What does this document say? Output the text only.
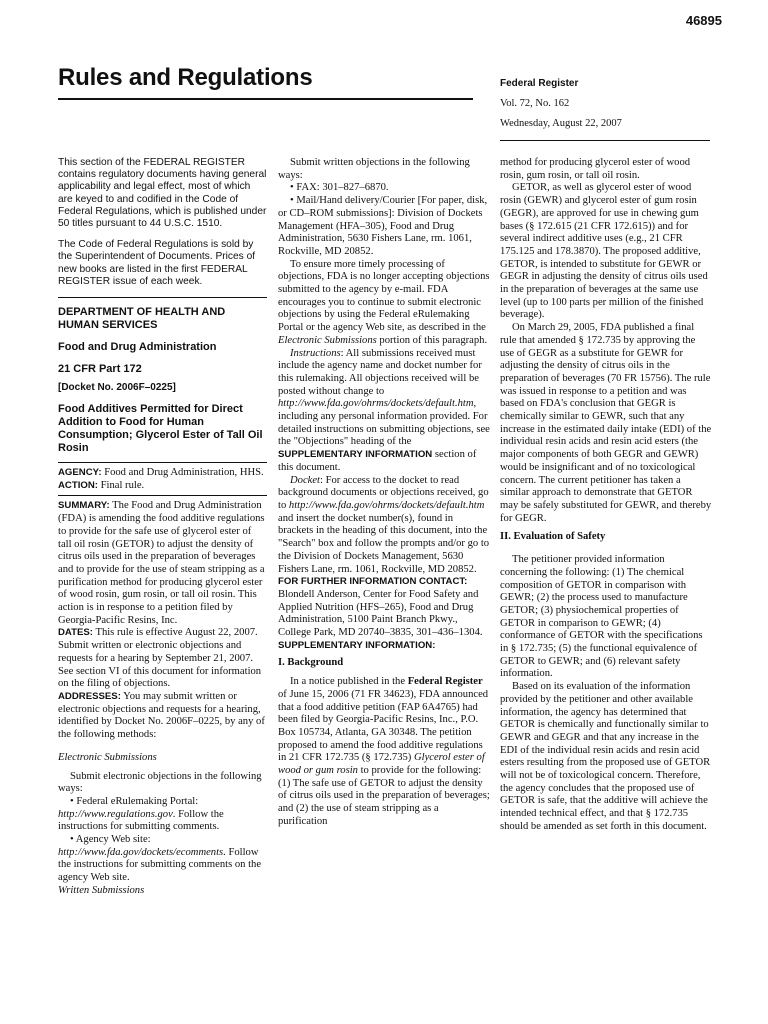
46895
Rules and Regulations	Federal Register
Vol. 72, No. 162
Wednesday, August 22, 2007

This section of the FEDERAL REGISTER contains regulatory documents having general applicability and legal effect, most of which are keyed to and codified in the Code of Federal Regulations, which is published under 50 titles pursuant to 44 U.S.C. 1510.

The Code of Federal Regulations is sold by the Superintendent of Documents. Prices of new books are listed in the first FEDERAL REGISTER issue of each week.

DEPARTMENT OF HEALTH AND HUMAN SERVICES

Food and Drug Administration

21 CFR Part 172

[Docket No. 2006F–0225]

Food Additives Permitted for Direct Addition to Food for Human Consumption; Glycerol Ester of Tall Oil Rosin

AGENCY: Food and Drug Administration, HHS.

ACTION: Final rule.

SUMMARY: The Food and Drug Administration (FDA) is amending the food additive regulations to provide for the safe use of glycerol ester of tall oil rosin (GETOR) to adjust the density of citrus oils used in the preparation of beverages and to provide for the use of steam stripping as a purification method for producing glycerol ester of wood rosin, gum rosin, or tall oil rosin. This action is in response to a petition filed by Georgia-Pacific Resins, Inc.

DATES: This rule is effective August 22, 2007. Submit written or electronic objections and requests for a hearing by September 21, 2007. See section VI of this document for information on the filing of objections.

ADDRESSES: You may submit written or electronic objections and requests for a hearing, identified by Docket No. 2006F–0225, by any of the following methods:

Electronic Submissions

Submit electronic objections in the following ways:

• Federal eRulemaking Portal: http://www.regulations.gov. Follow the instructions for submitting comments.

• Agency Web site: http://www.fda.gov/dockets/ecomments. Follow the instructions for submitting comments on the agency Web site.

Written Submissions

Submit written objections in the following ways:

• FAX: 301–827–6870.

• Mail/Hand delivery/Courier [For paper, disk, or CD–ROM submissions]: Division of Dockets Management (HFA–305), Food and Drug Administration, 5630 Fishers Lane, rm. 1061, Rockville, MD 20852.

To ensure more timely processing of objections, FDA is no longer accepting objections submitted to the agency by e-mail. FDA encourages you to continue to submit electronic objections by using the Federal eRulemaking Portal or the agency Web site, as described in the Electronic Submissions portion of this paragraph.

Instructions: All submissions received must include the agency name and docket number for this rulemaking. All objections received will be posted without change to http://www.fda.gov/ohrms/dockets/default.htm, including any personal information provided. For detailed instructions on submitting objections, see the "Objections" heading of the SUPPLEMENTARY INFORMATION section of this document.

Docket: For access to the docket to read background documents or objections received, go to http://www.fda.gov/ohrms/dockets/default.htm and insert the docket number(s), found in brackets in the heading of this document, into the "Search" box and follow the prompts and/or go to the Division of Dockets Management, 5630 Fishers Lane, rm. 1061, Rockville, MD 20852.

FOR FURTHER INFORMATION CONTACT:

Blondell Anderson, Center for Food Safety and Applied Nutrition (HFS–265), Food and Drug Administration, 5100 Paint Branch Pkwy., College Park, MD 20740–3835, 301–436–1304.

SUPPLEMENTARY INFORMATION:

I. Background

In a notice published in the Federal Register of June 15, 2006 (71 FR 34623), FDA announced that a food additive petition (FAP 6A4765) had been filed by Georgia-Pacific Resins, Inc., P.O. Box 105734, Atlanta, GA 30348. The petition proposed to amend the food additive regulations in 21 CFR 172.735 (§ 172.735) Glycerol ester of wood or gum rosin to provide for the following: (1) The safe use of GETOR to adjust the density of citrus oils used in the preparation of beverages; and (2) the use of steam stripping as a purification

method for producing glycerol ester of wood rosin, gum rosin, or tall oil rosin.

GETOR, as well as glycerol ester of wood rosin (GEWR) and glycerol ester of gum rosin (GEGR), are approved for use in chewing gum bases (§ 172.615 (21 CFR 172.615)) and for several indirect additive uses (e.g., 21 CFR 175.125 and 178.3870). The proposed additive, GETOR, is intended to substitute for GEWR or GEGR in adjusting the density of citrus oils used in the preparation of beverages at the same use level (up to 100 parts per million of the finished beverage).

On March 29, 2005, FDA published a final rule that amended § 172.735 by approving the use of GEGR as a substitute for GEWR for adjusting the density of citrus oils in the preparation of beverages (70 FR 15756). The rule was issued in response to a petition and was based on FDA's conclusion that GEGR is chemically similar to GEWR, such that any increase in the estimated daily intake (EDI) of the individual resin acids and resin acid esters (the major components of both GEGR and GEWR) would be insignificant and of no toxicological concern. The current petitioner has taken a similar approach to demonstrate that GETOR may be safely substituted for GEWR, and thereby for GEGR.

II. Evaluation of Safety

The petitioner provided information concerning the following: (1) The chemical composition of GETOR in comparison with GEWR; (2) the process used to manufacture GETOR; (3) physiochemical properties of GETOR in comparison to GEWR; (4) conformance of GETOR with the specifications in § 172.735; (5) the functional equivalence of GETOR to GEWR; and (6) relevant safety information.

Based on its evaluation of the information provided by the petitioner and other available information, the agency has determined that GETOR is chemically and functionally similar to GEWR and GEGR and that any increase in the EDI of the individual resin acids and resin acid esters resulting from the proposed use of GETOR will not be of toxicological concern. Therefore, the agency concludes that the proposed use of GETOR is safe, that the additive will achieve the intended technical effect, and that § 172.735 should be amended as set forth in this document.
